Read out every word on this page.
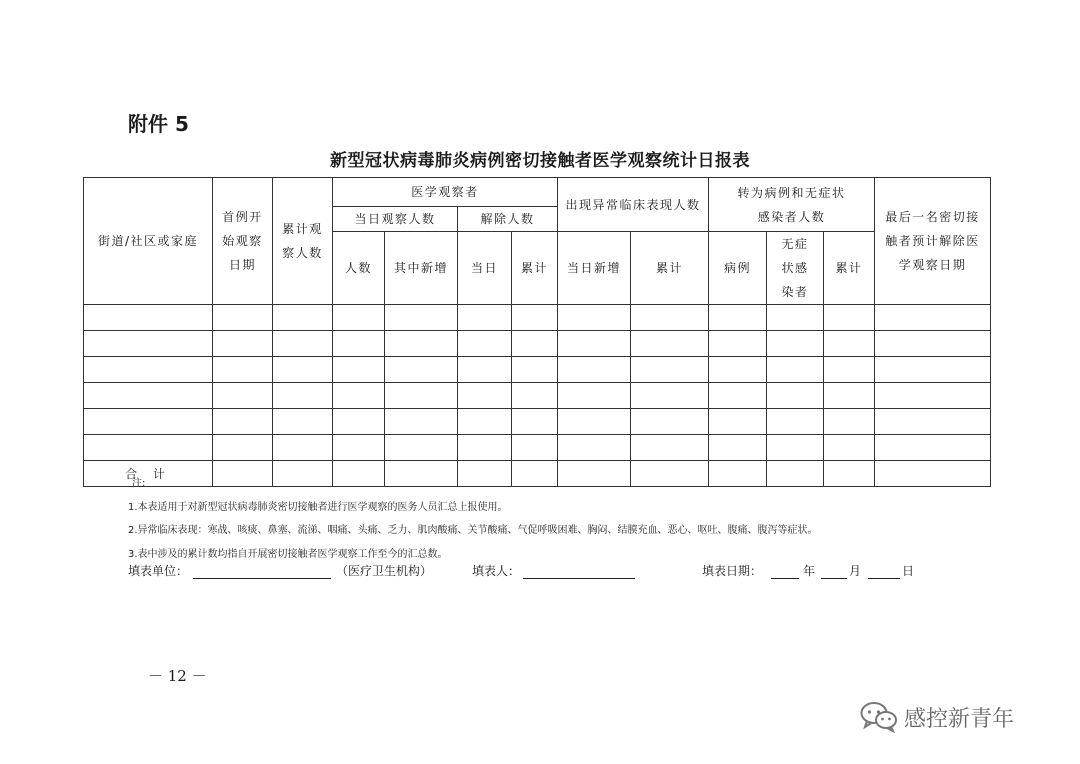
附件 5
新型冠状病毒肺炎病例密切接触者医学观察统计日报表
街道/社区或家庭	首例开始观察日期	累计观察人数	医学观察者				出现异常临床表现人数		转为病例和无症状感染者人数			最后一名密切接触者预计解除医学观察日期
			当日观察人数		解除人数							
			人数	其中新增	当日	累计	当日新增	累计	病例	无症状感染者	累计	

合 计												
注:
1.本表适用于对新型冠状病毒肺炎密切接触者进行医学观察的医务人员汇总上报使用。
2.异常临床表现：寒战、咳痰、鼻塞、流涕、咽痛、头痛、乏力、肌肉酸痛、关节酸痛、气促呼吸困难、胸闷、结膜充血、恶心、呕吐、腹痛、腹泻等症状。
3.表中涉及的累计数均指自开展密切接触者医学观察工作至今的汇总数。
填表单位：	（医疗卫生机构）	填表人：	填表日期：	年	月	日
－ 12 －
感控新青年
